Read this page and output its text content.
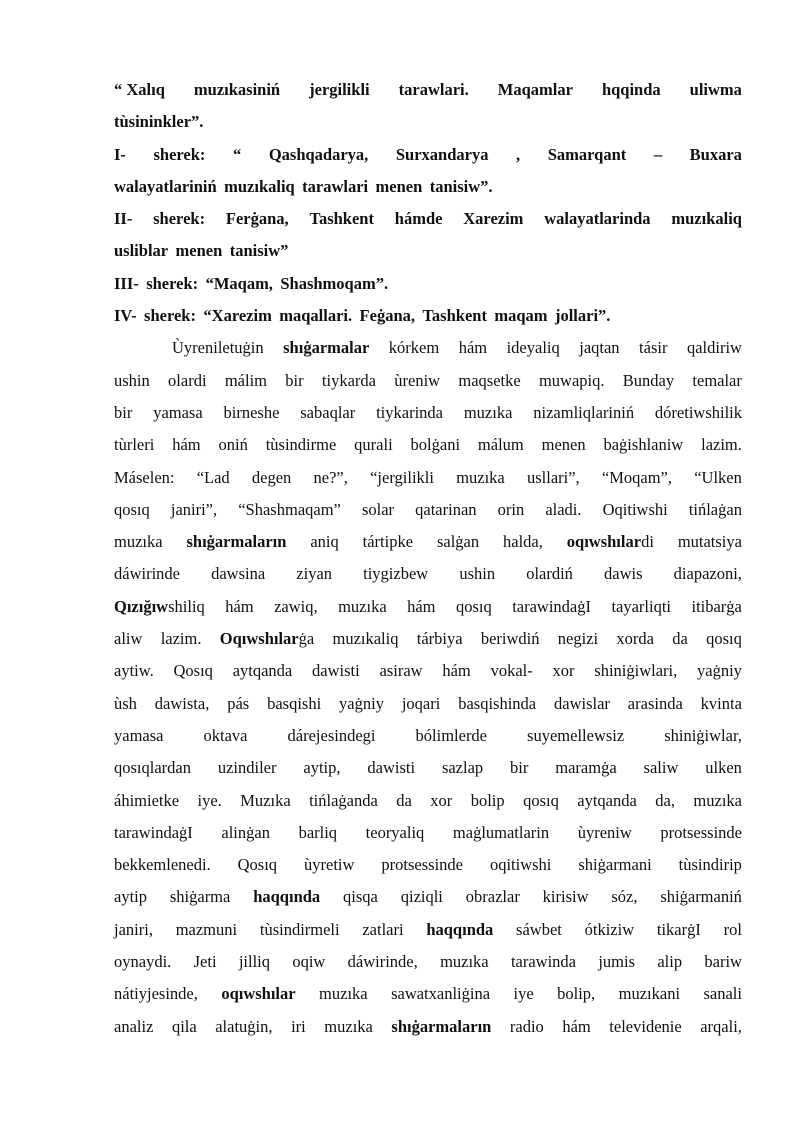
“ Xalıq muzıkasiniń jergilikli tarawlari. Maqamlar hqqinda uliwma
tùsininkler”.
I- sherek: “ Qashqadarya, Surxandarya , Samarqant – Buxara
walayatlariniń muzıkaliq tarawlari menen tanisiw”.
II- sherek: Ferġana, Tashkent hámde Xarezim walayatlarinda muzıkaliq
usliblar menen tanisiw”
III- sherek: “Maqam, Shashmoqam”.
IV- sherek: “Xarezim maqallari. Feġana, Tashkent maqam jollari”.
Ùyreniletuġin shıġarmalar kórkem hám ideyaliq jaqtan tásir qaldiriw
ushin olardi málim bir tiykarda ùreniw maqsetke muwapiq. Bunday temalar
bir yamasa birneshe sabaqlar tiykarinda muzıka nizamliqlariniń dóretiwshilik
tùrleri hám oniń tùsindirme qurali bolġani málum menen baġishlaniw lazim.
Máselen: “Lad degen ne?”, “jergilikli muzıka usllari”, “Moqam”, “Ulken
qosıq janiri”, “Shashmaqam” solar qatarinan orin aladi. Oqitiwshi tińlaġan
muzıka shıġarmaların aniq tártipke salġan halda, oqıwshılardi mutatsiya
dáwirinde dawsina ziyan tiygizbew ushin olardiń dawis diapazoni,
Qızığıwshiliq hám zawiq, muzıka hám qosıq tarawindaġI tayarliqti itibarġa
aliw lazim. Oqıwshılarġa muzıkaliq tárbiya beriwdiń negizi xorda da qosıq
aytiw. Qosıq aytqanda dawisti asiraw hám vokal- xor shiniġiwlari, yaġniy
ùsh dawista, pás basqishi yaġniy joqari basqishinda dawislar arasinda kvinta
yamasa oktava dárejesindegi bólimlerde suyemellewsiz shiniġiwlar,
qosıqlardan uzindiler aytip, dawisti sazlap bir maramġa saliw ulken
áhimietke iye. Muzıka tińlaġanda da xor bolip qosıq aytqanda da, muzıka
tarawindaġI alinġan barliq teoryaliq maġlumatlarin ùyreniw protsessinde
bekkemlenedi. Qosıq ùyretiw protsessinde oqitiwshi shiġarmani tùsindirip
aytip shiġarma haqqında qisqa qiziqli obrazlar kirisiw sóz, shiġarmaniń
janiri, mazmuni tùsindirmeli zatlari haqqında sáwbet ótkiziw tikarġI rol
oynaydi. Jeti jilliq oqiw dáwirinde, muzıka tarawinda jumis alip bariw
nátiyjesinde, oqıwshılar muzıka sawatxanliġina iye bolip, muzıkani sanali
analiz qila alatuġin, iri muzıka shıġarmaların radio hám televidenie arqali,
